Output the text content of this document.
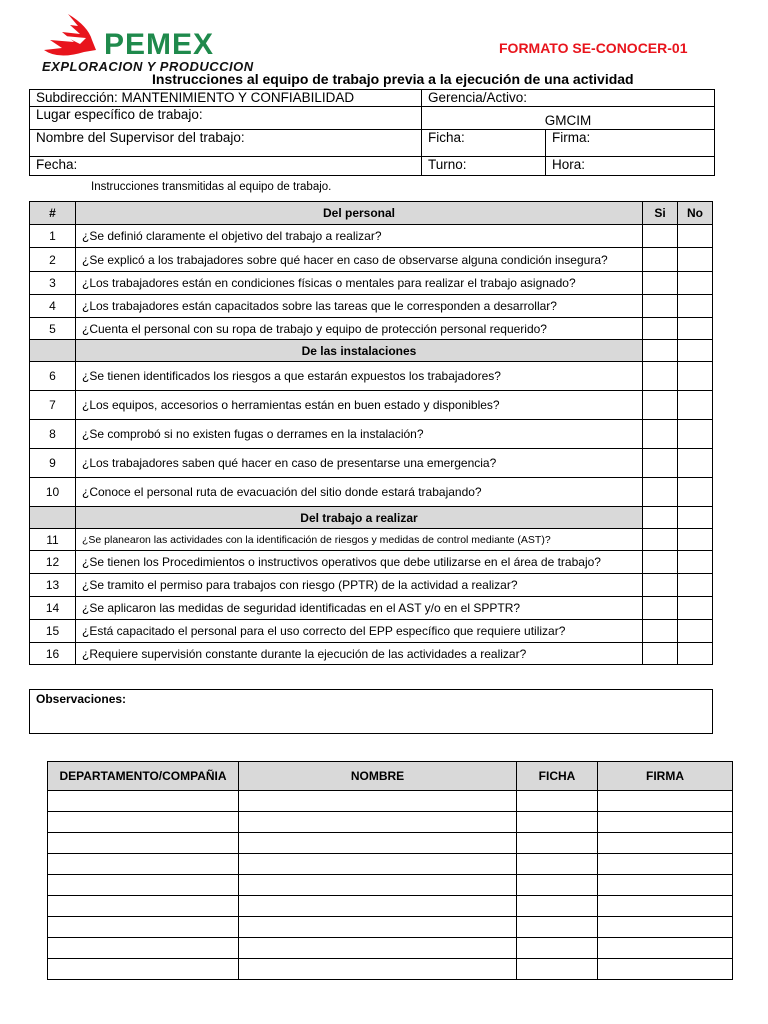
PEMEX
EXPLORACION Y PRODUCCION
FORMATO SE-CONOCER-01
Instrucciones al equipo de trabajo previa a la ejecución de una actividad
Subdirección: MANTENIMIENTO Y CONFIABILIDAD	Gerencia/Activo:	
Lugar específico de trabajo:	GMCIM	
Nombre del Supervisor del trabajo:	Ficha:	Firma:
Fecha:	Turno:	Hora:
Instrucciones transmitidas al equipo de trabajo.
#	Del personal	Si	No
1	¿Se definió claramente el objetivo del trabajo a realizar?		
2	¿Se explicó a los trabajadores sobre qué hacer en caso de observarse alguna condición insegura?		
3	¿Los trabajadores están en condiciones físicas o mentales para realizar el trabajo asignado?		
4	¿Los trabajadores están capacitados sobre las tareas que le corresponden a desarrollar?		
5	¿Cuenta el personal con su ropa de trabajo y equipo de protección personal requerido?		
	De las instalaciones		
6	¿Se tienen identificados los riesgos a que estarán expuestos los trabajadores?		
7	¿Los equipos, accesorios o herramientas están en buen estado y disponibles?		
8	¿Se comprobó si no existen fugas o derrames en la instalación?		
9	¿Los trabajadores saben qué hacer en caso de presentarse una emergencia?		
10	¿Conoce el personal ruta de evacuación del sitio donde estará trabajando?		
	Del trabajo a realizar		
11	¿Se planearon las actividades con la identificación de riesgos y medidas de control mediante (AST)?		
12	¿Se tienen los Procedimientos o instructivos operativos que debe utilizarse en el área de trabajo?		
13	¿Se tramito el permiso para trabajos con riesgo (PPTR) de la actividad a realizar?		
14	¿Se aplicaron las medidas de seguridad identificadas en el AST y/o en el SPPTR?		
15	¿Está capacitado el personal para el uso correcto del EPP específico que requiere utilizar?		
16	¿Requiere supervisión constante durante la ejecución de las actividades a realizar?		
Observaciones:
DEPARTAMENTO/COMPAÑIA	NOMBRE	FICHA	FIRMA
